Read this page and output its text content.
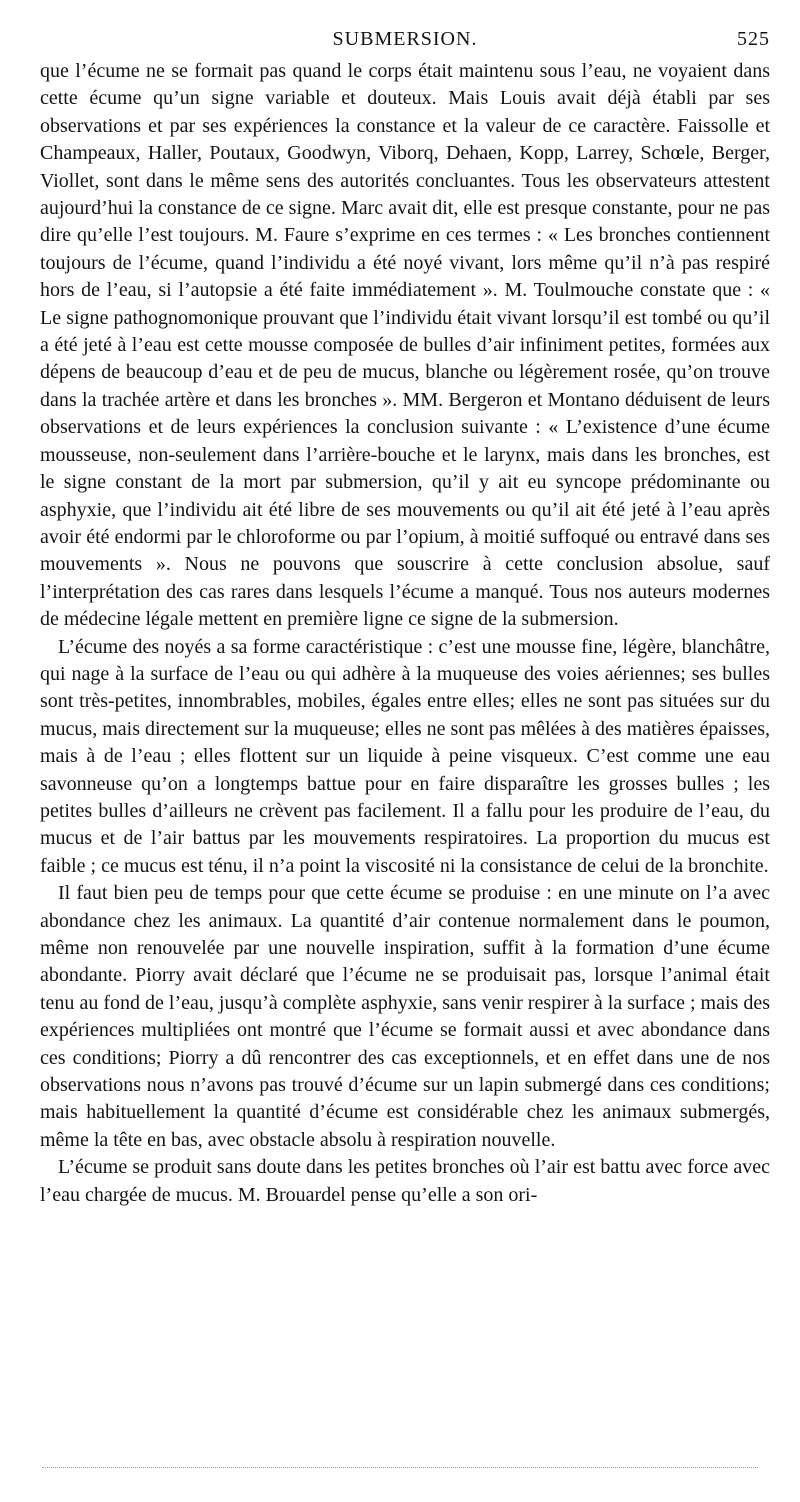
SUBMERSION.	525

que l’écume ne se formait pas quand le corps était maintenu sous l’eau, ne voyaient dans cette écume qu’un signe variable et douteux. Mais Louis avait déjà établi par ses observations et par ses expériences la constance et la valeur de ce caractère. Faissolle et Champeaux, Haller, Poutaux, Goodwyn, Viborq, Dehaen, Kopp, Larrey, Schœle, Berger, Viollet, sont dans le même sens des autorités concluantes. Tous les observateurs attestent aujourd’hui la constance de ce signe. Marc avait dit, elle est presque constante, pour ne pas dire qu’elle l’est toujours. M. Faure s’exprime en ces termes : « Les bronches contiennent toujours de l’écume, quand l’individu a été noyé vivant, lors même qu’il n’à pas respiré hors de l’eau, si l’autopsie a été faite immédiatement ». M. Toulmouche constate que : « Le signe pathognomonique prouvant que l’individu était vivant lorsqu’il est tombé ou qu’il a été jeté à l’eau est cette mousse composée de bulles d’air infiniment petites, formées aux dépens de beaucoup d’eau et de peu de mucus, blanche ou légèrement rosée, qu’on trouve dans la trachée artère et dans les bronches ». MM. Bergeron et Montano déduisent de leurs observations et de leurs expériences la conclusion suivante : « L’existence d’une écume mousseuse, non-seulement dans l’arrière-bouche et le larynx, mais dans les bronches, est le signe constant de la mort par submersion, qu’il y ait eu syncope prédominante ou asphyxie, que l’individu ait été libre de ses mouvements ou qu’il ait été jeté à l’eau après avoir été endormi par le chloroforme ou par l’opium, à moitié suffoqué ou entravé dans ses mouvements ». Nous ne pouvons que souscrire à cette conclusion absolue, sauf l’interprétation des cas rares dans lesquels l’écume a manqué. Tous nos auteurs modernes de médecine légale mettent en première ligne ce signe de la submersion.

L’écume des noyés a sa forme caractéristique : c’est une mousse fine, légère, blanchâtre, qui nage à la surface de l’eau ou qui adhère à la muqueuse des voies aériennes; ses bulles sont très-petites, innombrables, mobiles, égales entre elles; elles ne sont pas situées sur du mucus, mais directement sur la muqueuse; elles ne sont pas mêlées à des matières épaisses, mais à de l’eau ; elles flottent sur un liquide à peine visqueux. C’est comme une eau savonneuse qu’on a longtemps battue pour en faire disparaître les grosses bulles ; les petites bulles d’ailleurs ne crèvent pas facilement. Il a fallu pour les produire de l’eau, du mucus et de l’air battus par les mouvements respiratoires. La proportion du mucus est faible ; ce mucus est ténu, il n’a point la viscosité ni la consistance de celui de la bronchite.

Il faut bien peu de temps pour que cette écume se produise : en une minute on l’a avec abondance chez les animaux. La quantité d’air contenue normalement dans le poumon, même non renouvelée par une nouvelle inspiration, suffit à la formation d’une écume abondante. Piorry avait déclaré que l’écume ne se produisait pas, lorsque l’animal était tenu au fond de l’eau, jusqu’à complète asphyxie, sans venir respirer à la surface ; mais des expériences multipliées ont montré que l’écume se formait aussi et avec abondance dans ces conditions; Piorry a dû rencontrer des cas exceptionnels, et en effet dans une de nos observations nous n’avons pas trouvé d’écume sur un lapin submergé dans ces conditions; mais habituellement la quantité d’écume est considérable chez les animaux submergés, même la tête en bas, avec obstacle absolu à respiration nouvelle.

L’écume se produit sans doute dans les petites bronches où l’air est battu avec force avec l’eau chargée de mucus. M. Brouardel pense qu’elle a son ori-
